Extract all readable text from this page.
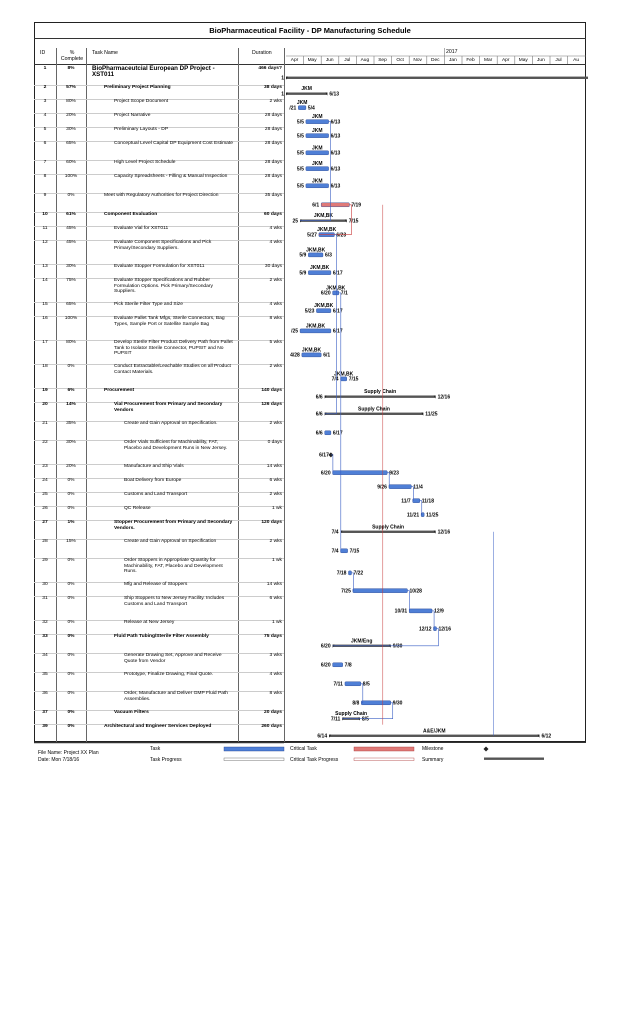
BioPharmaceutical Facility - DP Manufacturing Schedule
ID	% Complete
Task Name	Duration	2017
Apr	May	Jun	Jul	Aug	Sep	Oct	Nov	Dec	Jan	Feb	Mar	Apr	May	Jun	Jul	Au
1	8%	BioPharmaceutcial European DP Project - XST011
466 days?
2	57%	Preliminary Project Planning	38 days
3	80%	Project Scope Document	2 wks
4	20%	Project Narrative	28 days
5	30%	Preliminary Layouts - DP	28 days
6	65%	Conceptual Level Capital DP Equipment Cost Estimate	28 days
7	60%	High Level Project Schedule	28 days
8	100%	Capacity Spreadsheets - Filling & Manual Inspection	28 days
9	0%	Meet with Regulatory Authorities for Project Direction	35 days
10	61%	Component Evaluation	60 days
11	45%	Evaluate Vial for XST011	4 wks
12	45%	Evaluate Component Specifications and Pick Primary/Secondary Suppliers.
4 wks
13	30%	Evaluate Stopper Formulation for XST011	30 days
14	75%	Evaluate Stopper Specifications and Rubber Formulation Options. Pick Primary/Secondary Suppliers.
2 wks
15	65%	Pick Sterile Filter Type and Size	4 wks
16	100%	Evaluate Pallet Tank Mfgs, Sterile Connectors, Bag Types, Sample Port or Satellite Sample Bag
8 wks
17	80%	Develop Sterile Filter Product Delivery Path from Pallet Tank to Isolator Sterile Connector, PUPSIT and No PUPSIT
5 wks
18	0%	Conduct Extractable/Leachable Studies on all Product Contact Materials.
2 wks
19	6%	Procurement	140 days
20	14%	Vial Procurement from Primary and Secondary Vendors
126 days
21	35%	Create and Gain Approval on Specification.	2 wks
22	30%	Order Vials Sufficient for Machinability, FAT, Placebo and Development Runs in New Jersey.
0 days
23	20%	Manufacture and Ship Vials	14 wks
24	0%	Boat Delivery from Europe	6 wks
25	0%	Customs and Land Transport	2 wks
26	0%	QC Release	1 wk
27	1%	Stopper Procurement from Primary and Secondary Vendors.
120 days
28	15%	Create and Gain Approval on Specification	2 wks
29	0%	Order Stoppers in Appropriate Quantity for Machinability, FAT, Placebo and Development Runs.
1 wk
30	0%	Mfg and Release of Stoppers	14 wks
31	0%	Ship Stoppers to New Jersey Facility. Includes Customs and Land Transport
6 wks
32	0%	Release at New Jersey	1 wk
33	0%	Fluid Path Tubing/Sterile Filter Assembly	75 days
34	0%	Generate Drawing Set, Approve and Receive Quote from Vendor
3 wks
35	0%	Prototype, Finalize Drawing, Final Quote.	4 wks
36	0%	Order, Manufacture and Deliver GMP Fluid Path Assemblies.
8 wks
37	0%	Vacuum Filters	20 days
39	0%	Architectural and Engineer Services Deployed	260 days
1
1	6/13
JKM
/21 5/4
JKM
5/5	6/13
JKM
5/5	6/13
JKM
5/5	6/13
JKM
5/5	6/13
JKM
5/5	6/13
JKM
6/1	7/19
25	7/15
JKM,BK
5/27	6/23
JKM,BK
5/9	6/3
JKM,BK
5/9	6/17
JKM,BK
6/20 7/1
JKM,BK
5/23	6/17
JKM,BK
/25	6/17
JKM,BK
4/28	6/1
JKM,BK
7/4 7/15
JKM,BK
6/6	12/16
Supply Chain
6/6	11/25
Supply Chain
6/6 6/17
6/17
6/20	9/23
9/26	11/4
11/7 11/18
11/21 11/25
7/4	12/16
Supply Chain
7/4 7/15
7/18 7/22
7/25	10/28
10/31	12/9
12/12 12/16
6/20	9/30
JKM/Eng
6/20	7/8
7/11	8/5
8/8	9/30
7/11	8/5
Supply Chain
6/14	6/12
A&E/JKM
File Name: Project XX Plan
Date: Mon 7/18/16
Task
Task Progress
Critical Task
Critical Task Progress
Milestone
Summary
